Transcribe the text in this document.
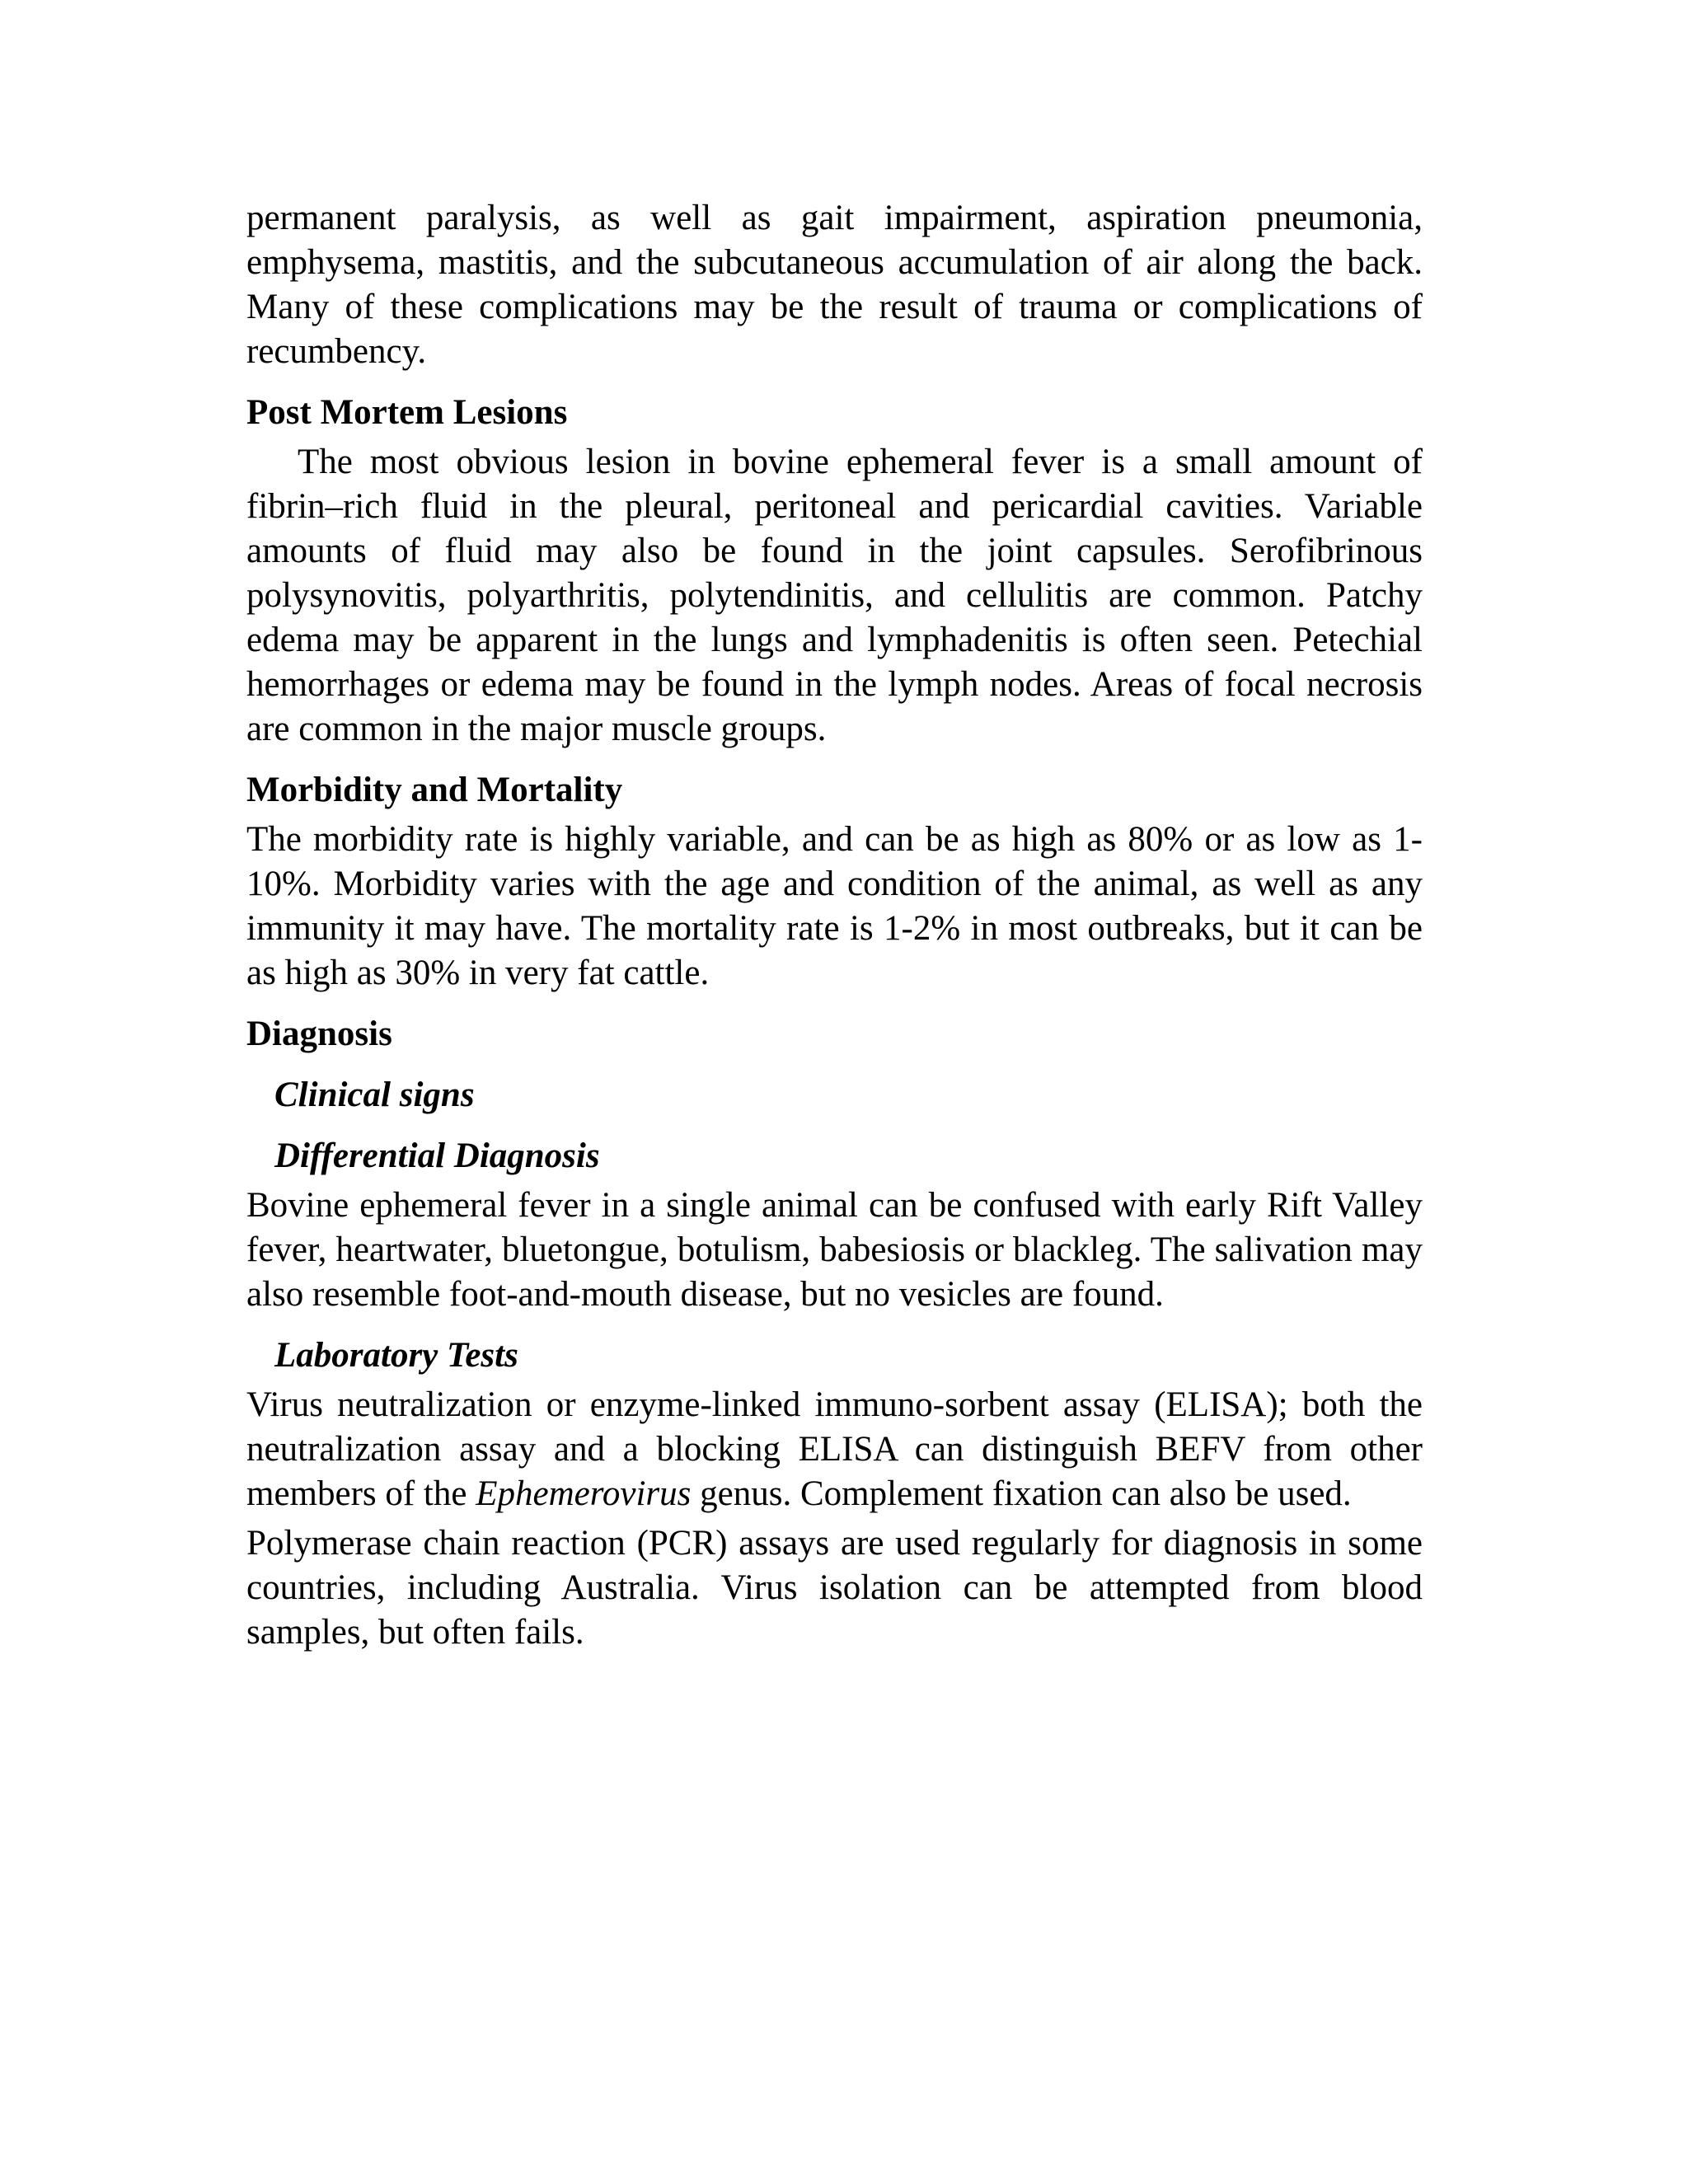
permanent paralysis, as well as gait impairment, aspiration pneumonia, emphysema, mastitis, and the subcutaneous accumulation of air along the back. Many of these complications may be the result of trauma or complications of recumbency.

Post Mortem Lesions

The most obvious lesion in bovine ephemeral fever is a small amount of fibrin–rich fluid in the pleural, peritoneal and pericardial cavities. Variable amounts of fluid may also be found in the joint capsules. Serofibrinous polysynovitis, polyarthritis, polytendinitis, and cellulitis are common. Patchy edema may be apparent in the lungs and lymphadenitis is often seen. Petechial hemorrhages or edema may be found in the lymph nodes. Areas of focal necrosis are common in the major muscle groups.

Morbidity and Mortality

The morbidity rate is highly variable, and can be as high as 80% or as low as 1-10%. Morbidity varies with the age and condition of the animal, as well as any immunity it may have. The mortality rate is 1-2% in most outbreaks, but it can be as high as 30% in very fat cattle.

Diagnosis
Clinical signs
Differential Diagnosis

Bovine ephemeral fever in a single animal can be confused with early Rift Valley fever, heartwater, bluetongue, botulism, babesiosis or blackleg. The salivation may also resemble foot-and-mouth disease, but no vesicles are found.

Laboratory Tests

Virus neutralization or enzyme-linked immuno-sorbent assay (ELISA); both the neutralization assay and a blocking ELISA can distinguish BEFV from other members of the Ephemerovirus genus. Complement fixation can also be used.

Polymerase chain reaction (PCR) assays are used regularly for diagnosis in some countries, including Australia. Virus isolation can be attempted from blood samples, but often fails.
